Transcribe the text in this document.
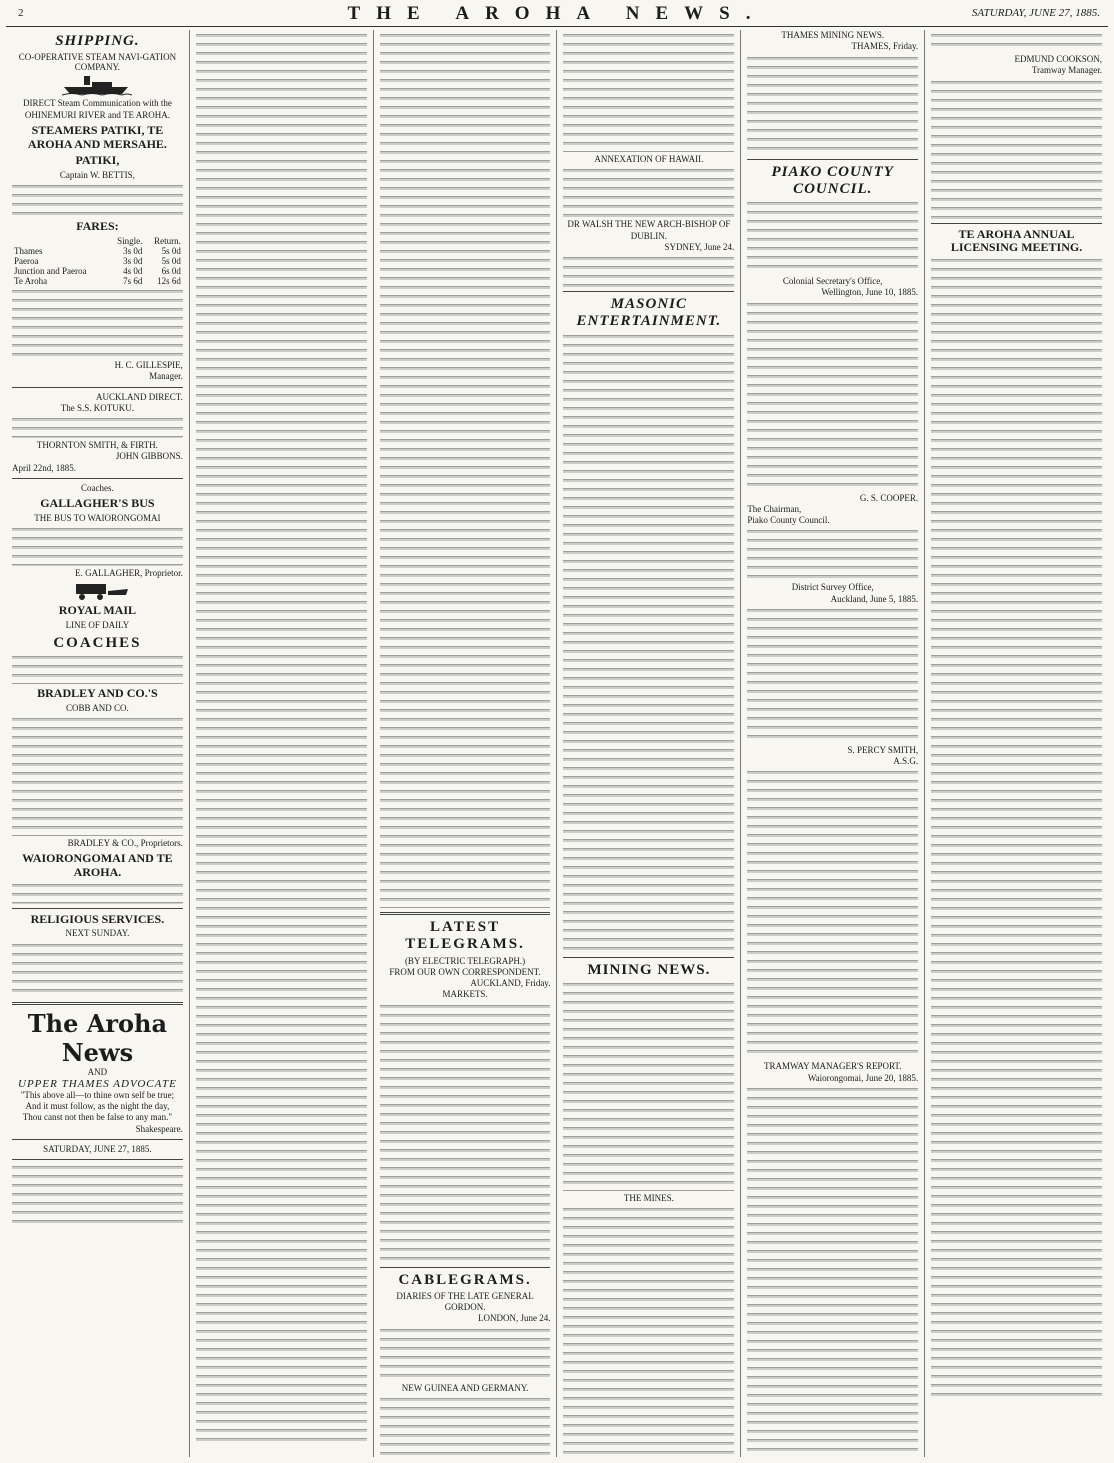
2	THE AROHA NEWS.	SATURDAY, JUNE 27, 1885.
SHIPPING.
CO-OPERATIVE STEAM NAVI-GATION COMPANY.
DIRECT Steam Communication with the OHINEMURI RIVER and TE AROHA.
STEAMERS PATIKI, TE AROHA AND MERSAHE.
PATIKI,
Captain W. BETTIS,
FARES:
	Single.	Return.
Thames	3s 0d	5s 0d
Paeroa	3s 0d	5s 0d
Junction and Paeroa	4s 0d	6s 0d
Te Aroha	7s 6d	12s 6d
H. C. GILLESPIE,
Manager.
AUCKLAND DIRECT.
The S.S. KOTUKU.
THORNTON SMITH, & FIRTH.
JOHN GIBBONS.
April 22nd, 1885.
Coaches.
GALLAGHER'S BUS
THE BUS TO WAIORONGOMAI
E. GALLAGHER, Proprietor.
ROYAL MAIL
LINE OF DAILY
COACHES
BRADLEY AND CO.'S
COBB AND CO.
BRADLEY & CO., Proprietors.
WAIORONGOMAI AND TE AROHA.
RELIGIOUS SERVICES.
NEXT SUNDAY.
The Aroha News
AND
UPPER THAMES ADVOCATE
"This above all—to thine own self be true;
And it must follow, as the night the day,
Thou canst not then be false to any man."
Shakespeare.
SATURDAY, JUNE 27, 1885.
LATEST TELEGRAMS.
(BY ELECTRIC TELEGRAPH.)
FROM OUR OWN CORRESPONDENT.
AUCKLAND, Friday.
MARKETS.
CABLEGRAMS.
DIARIES OF THE LATE GENERAL GORDON.
LONDON, June 24.
NEW GUINEA AND GERMANY.
ANNEXATION OF HAWAII.
DR WALSH THE NEW ARCH-BISHOP OF DUBLIN.
SYDNEY, June 24.
MASONIC ENTERTAINMENT.
MINING NEWS.
THE MINES.
THAMES MINING NEWS.
THAMES, Friday.
PIAKO COUNTY COUNCIL.
Colonial Secretary's Office,
Wellington, June 10, 1885.
G. S. COOPER.
The Chairman,
Piako County Council.
District Survey Office,
Auckland, June 5, 1885.
S. PERCY SMITH,
A.S.G.
TRAMWAY MANAGER'S REPORT.
Waiorongomai, June 20, 1885.
EDMUND COOKSON,
Tramway Manager.
TE AROHA ANNUAL LICENSING MEETING.
